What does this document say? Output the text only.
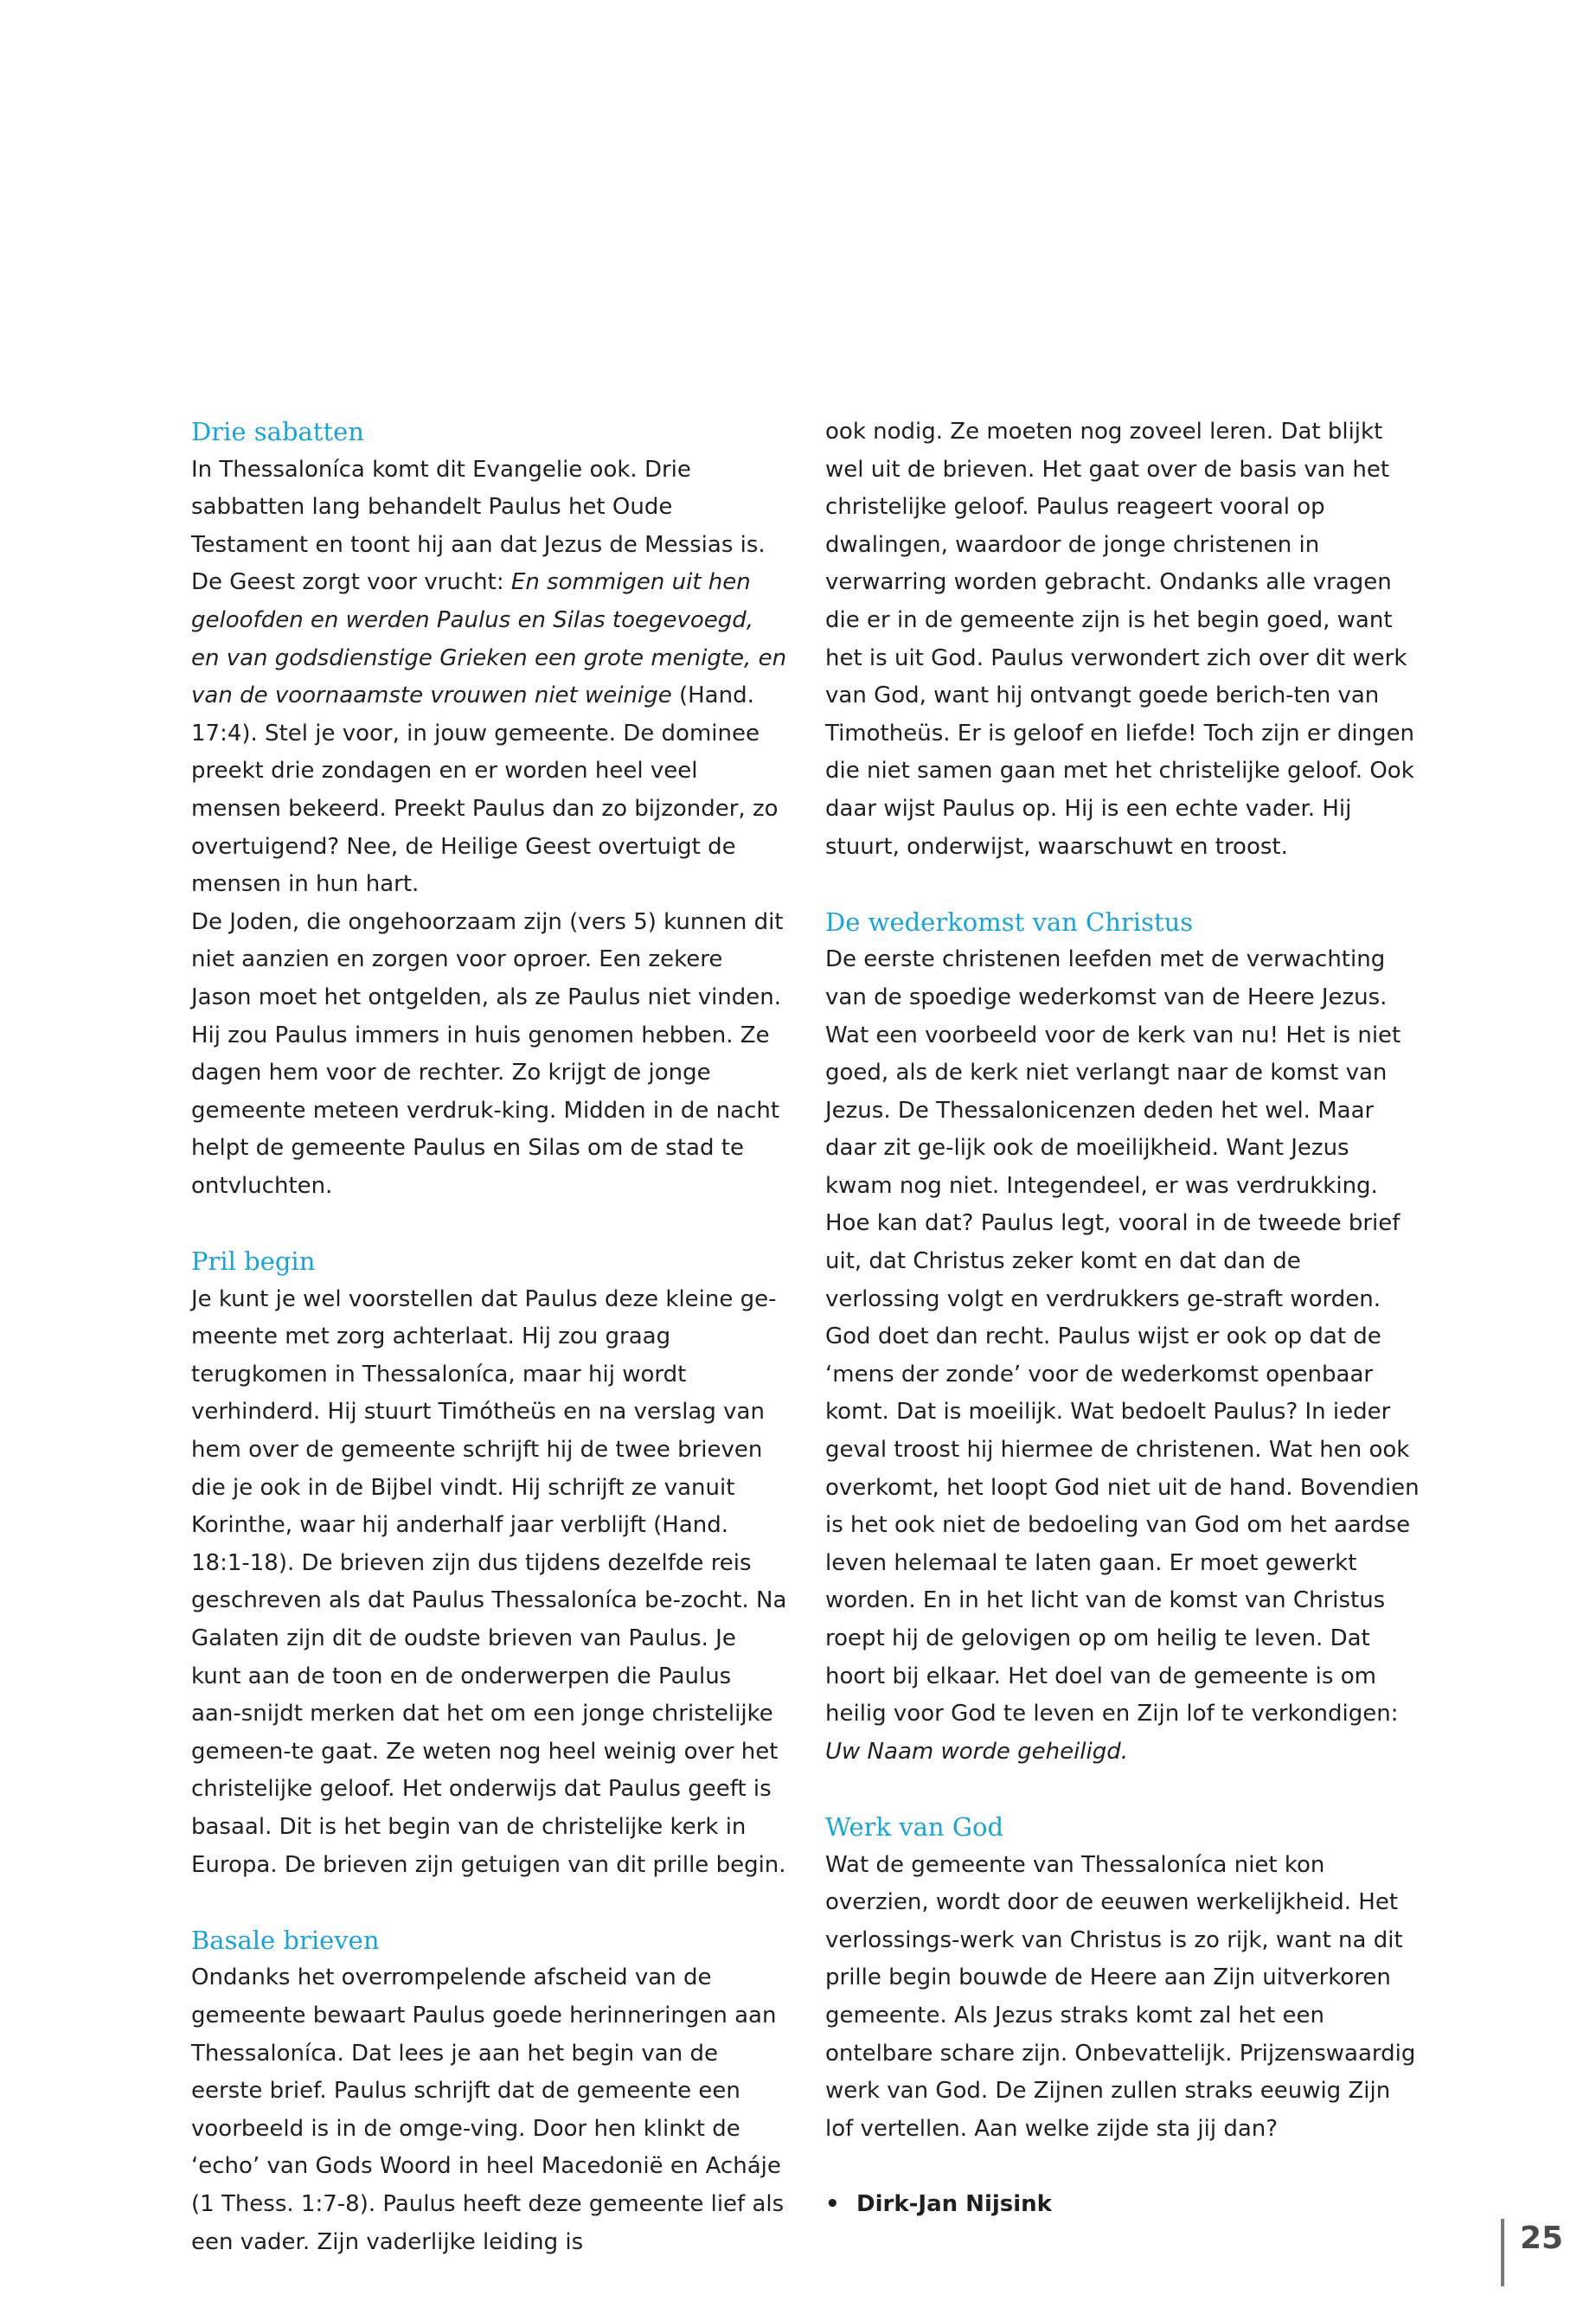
Drie sabatten

In Thessaloníca komt dit Evangelie ook. Drie sabbatten lang behandelt Paulus het Oude Testament en toont hij aan dat Jezus de Messias is. De Geest zorgt voor vrucht: En sommigen uit hen geloofden en werden Paulus en Silas toegevoegd, en van godsdienstige Grieken een grote menigte, en van de voornaamste vrouwen niet weinige (Hand. 17:4). Stel je voor, in jouw gemeente. De dominee preekt drie zondagen en er worden heel veel mensen bekeerd. Preekt Paulus dan zo bijzonder, zo overtuigend? Nee, de Heilige Geest overtuigt de mensen in hun hart.

De Joden, die ongehoorzaam zijn (vers 5) kunnen dit niet aanzien en zorgen voor oproer. Een zekere Jason moet het ontgelden, als ze Paulus niet vinden. Hij zou Paulus immers in huis genomen hebben. Ze dagen hem voor de rechter. Zo krijgt de jonge gemeente meteen verdruk-king. Midden in de nacht helpt de gemeente Paulus en Silas om de stad te ontvluchten.

Pril begin

Je kunt je wel voorstellen dat Paulus deze kleine ge-meente met zorg achterlaat. Hij zou graag terugkomen in Thessaloníca, maar hij wordt verhinderd. Hij stuurt Timótheüs en na verslag van hem over de gemeente schrijft hij de twee brieven die je ook in de Bijbel vindt. Hij schrijft ze vanuit Korinthe, waar hij anderhalf jaar verblijft (Hand. 18:1-18). De brieven zijn dus tijdens dezelfde reis geschreven als dat Paulus Thessaloníca be-zocht. Na Galaten zijn dit de oudste brieven van Paulus. Je kunt aan de toon en de onderwerpen die Paulus aan-snijdt merken dat het om een jonge christelijke gemeen-te gaat. Ze weten nog heel weinig over het christelijke geloof. Het onderwijs dat Paulus geeft is basaal. Dit is het begin van de christelijke kerk in Europa. De brieven zijn getuigen van dit prille begin.

Basale brieven

Ondanks het overrompelende afscheid van de gemeente bewaart Paulus goede herinneringen aan Thessaloníca. Dat lees je aan het begin van de eerste brief. Paulus schrijft dat de gemeente een voorbeeld is in de omge-ving. Door hen klinkt de ‘echo’ van Gods Woord in heel Macedonië en Acháje (1 Thess. 1:7-8). Paulus heeft deze gemeente lief als een vader. Zijn vaderlijke leiding is

ook nodig. Ze moeten nog zoveel leren. Dat blijkt wel uit de brieven. Het gaat over de basis van het christelijke geloof. Paulus reageert vooral op dwalingen, waardoor de jonge christenen in verwarring worden gebracht. Ondanks alle vragen die er in de gemeente zijn is het begin goed, want het is uit God. Paulus verwondert zich over dit werk van God, want hij ontvangt goede berich-ten van Timotheüs. Er is geloof en liefde! Toch zijn er dingen die niet samen gaan met het christelijke geloof. Ook daar wijst Paulus op. Hij is een echte vader. Hij stuurt, onderwijst, waarschuwt en troost.

De wederkomst van Christus

De eerste christenen leefden met de verwachting van de spoedige wederkomst van de Heere Jezus. Wat een voorbeeld voor de kerk van nu! Het is niet goed, als de kerk niet verlangt naar de komst van Jezus. De Thessalonicenzen deden het wel. Maar daar zit ge-lijk ook de moeilijkheid. Want Jezus kwam nog niet. Integendeel, er was verdrukking. Hoe kan dat? Paulus legt, vooral in de tweede brief uit, dat Christus zeker komt en dat dan de verlossing volgt en verdrukkers ge-straft worden. God doet dan recht. Paulus wijst er ook op dat de ‘mens der zonde’ voor de wederkomst openbaar komt. Dat is moeilijk. Wat bedoelt Paulus? In ieder geval troost hij hiermee de christenen. Wat hen ook overkomt, het loopt God niet uit de hand. Bovendien is het ook niet de bedoeling van God om het aardse leven helemaal te laten gaan. Er moet gewerkt worden. En in het licht van de komst van Christus roept hij de gelovigen op om heilig te leven. Dat hoort bij elkaar. Het doel van de gemeente is om heilig voor God te leven en Zijn lof te verkondigen: Uw Naam worde geheiligd.

Werk van God

Wat de gemeente van Thessaloníca niet kon overzien, wordt door de eeuwen werkelijkheid. Het verlossings-werk van Christus is zo rijk, want na dit prille begin bouwde de Heere aan Zijn uitverkoren gemeente. Als Jezus straks komt zal het een ontelbare schare zijn. Onbevattelijk. Prijzenswaardig werk van God. De Zijnen zullen straks eeuwig Zijn lof vertellen. Aan welke zijde sta jij dan?

• Dirk-Jan Nijsink
25
